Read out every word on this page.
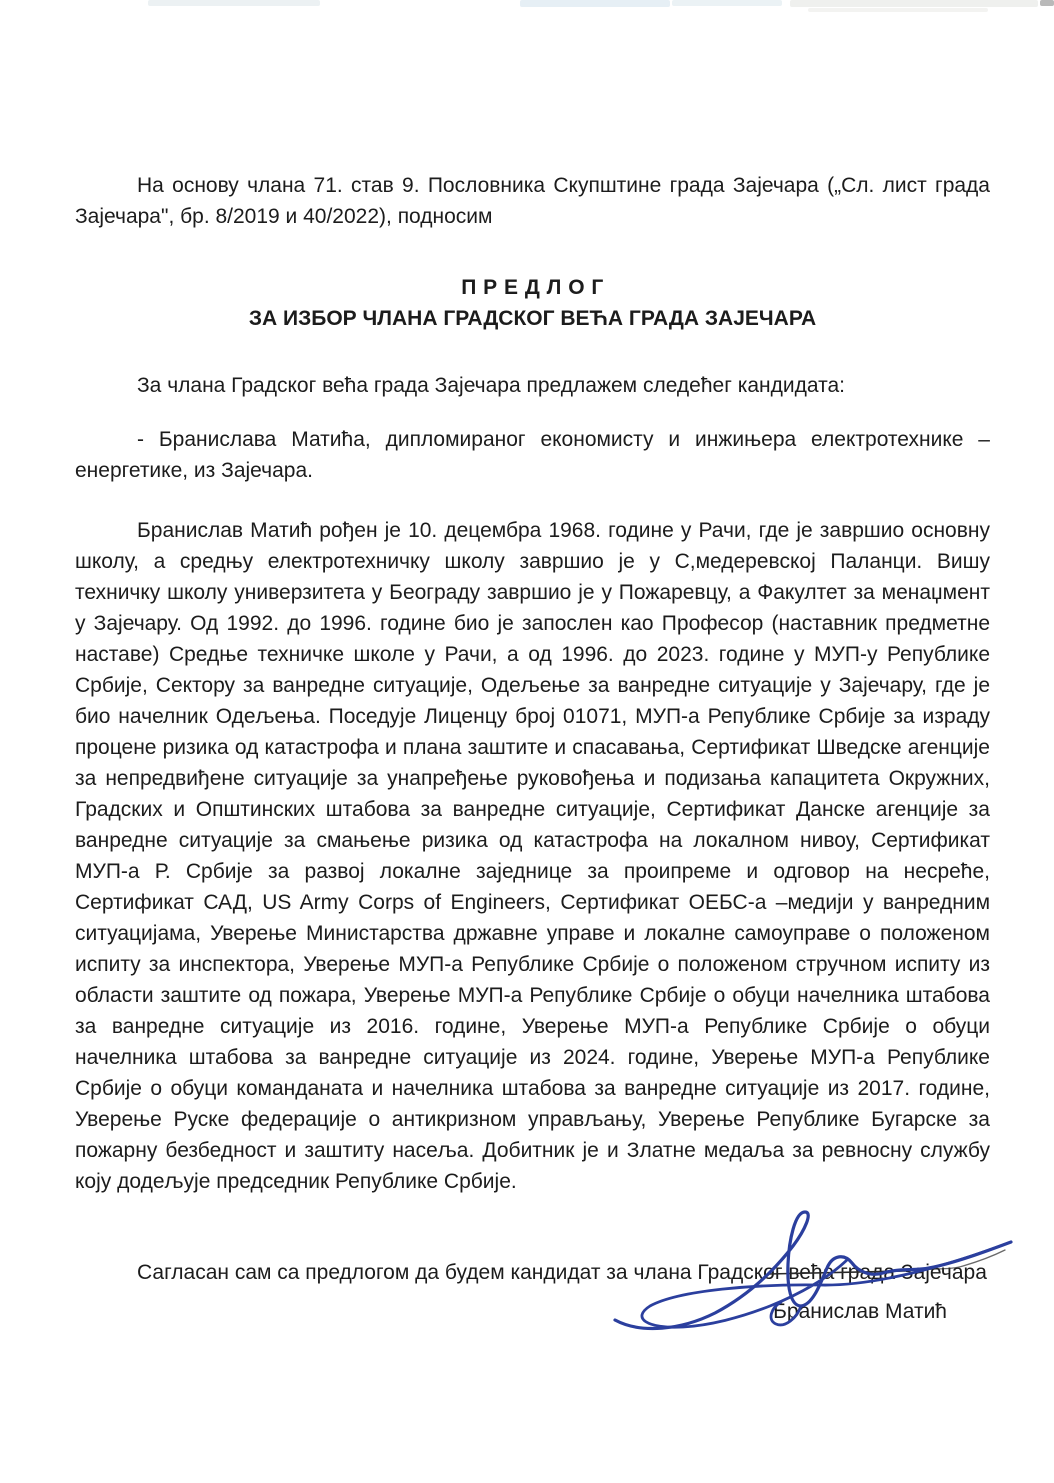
На основу члана 71. став 9. Пословника Скупштине града Зајечара („Сл. лист града Зајечара", бр. 8/2019 и 40/2022), подносим

П Р Е Д Л О Г

ЗА ИЗБОР ЧЛАНА ГРАДСКОГ ВЕЋА ГРАДА ЗАЈЕЧАРА

За члана Градског већа града Зајечара предлажем следећег кандидата:

- Бранислава Матића, дипломираног економисту и инжињера електротехнике – енергетике, из Зајечара.

Бранислав Матић рођен је 10. децембра 1968. године у Рачи, где је завршио основну школу, а средњу електротехничку школу завршио је у С,медеревској Паланци. Вишу техничку школу универзитета у Београду завршио је у Пожаревцу, а Факултет за менаџмент у Зајечару. Од 1992. до 1996. године био је запослен као Професор (наставник предметне наставе) Средње техничке школе у Рачи, а од 1996. до 2023. године у МУП-у Републике Србије, Сектору за ванредне ситуације, Одељење за ванредне ситуације у Зајечару, где је био начелник Одељења. Поседује Лиценцу број 01071, МУП-а Републике Србије за израду процене ризика од катастрофа и плана заштите и спасавања, Сертификат Шведске агенције за непредвиђене ситуације за унапређење руковођења и подизања капацитета Окружних, Градских и Општинских штабова за ванредне ситуације, Сертификат Данске агенције за ванредне ситуације за смањење ризика од катастрофа на локалном нивоу, Сертификат МУП-а Р. Србије за развој локалне заједнице за проипреме и одговор на несреће, Сертификат САД, US Army Corps of Engineers, Сертификат ОЕБС-а –медији у ванредним ситуацијама, Уверење Министарства државне управе и локалне самоуправе о положеном испиту за инспектора, Уверење МУП-а Републике Србије о положеном стручном испиту из области заштите од пожара, Уверење МУП-а Републике Србије о обуци начелника штабова за ванредне ситуације из 2016. године, Уверење МУП-а Републике Србије о обуци начелника штабова за ванредне ситуације из 2024. године, Уверење МУП-а Републике Србије о обуци команданата и начелника штабова за ванредне ситуације из 2017. године, Уверење Руске федерације о антикризном управљању, Уверење Републике Бугарске за пожарну безбедност и заштиту насеља. Добитник је и Златне медаља за ревносну службу коју додељује председник Републике Србије.

Сагласан сам са предлогом да будем кандидат за члана Градског већа града Зајечара

Бранислав Матић
